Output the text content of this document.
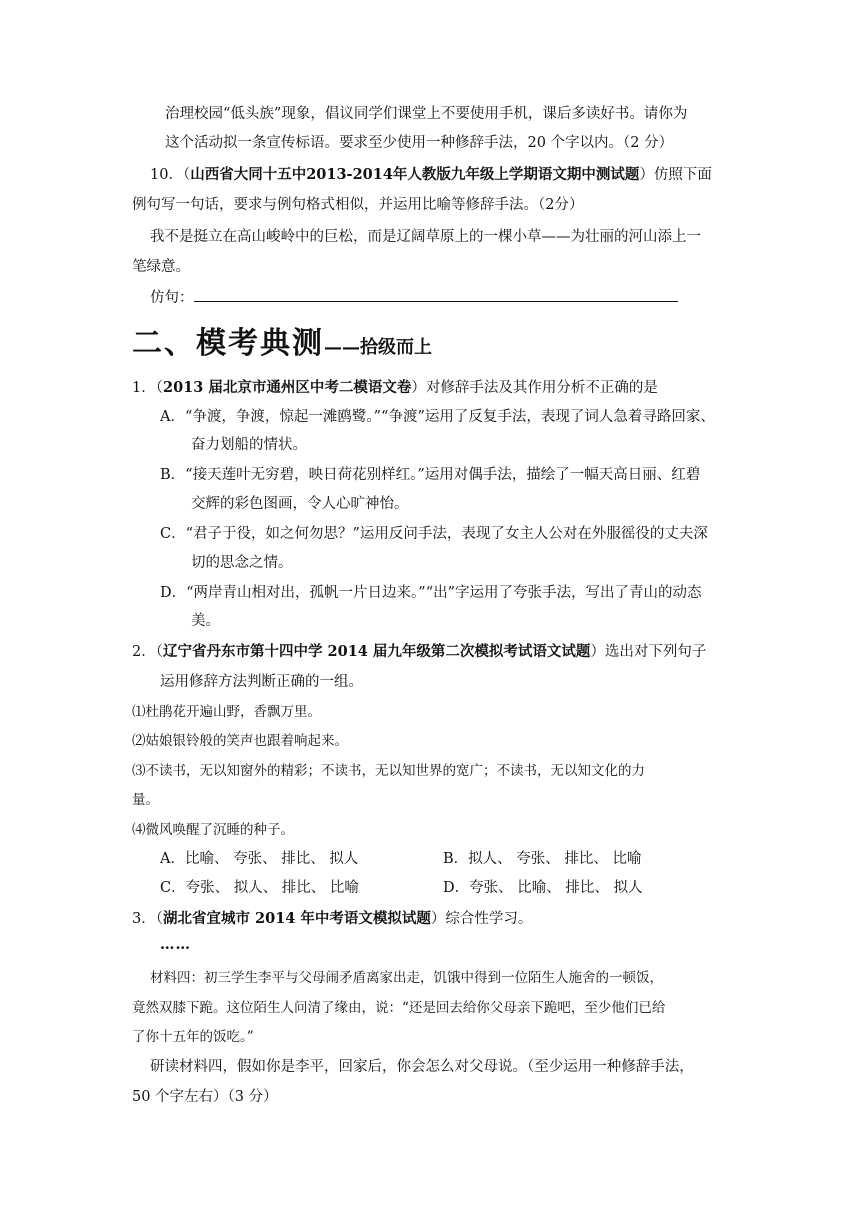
治理校园“低头族”现象，倡议同学们课堂上不要使用手机，课后多读好书。请你为
这个活动拟一条宣传标语。要求至少使用一种修辞手法，20 个字以内。（2 分）
10．（山西省大同十五中2013-2014年人教版九年级上学期语文期中测试题）仿照下面
例句写一句话，要求与例句格式相似，并运用比喻等修辞手法。（2分）
我不是挺立在高山峻岭中的巨松，而是辽阔草原上的一棵小草——为壮丽的河山添上一
笔绿意。
仿句：
二、模考典测——拾级而上
1．（2013 届北京市通州区中考二模语文卷）对修辞手法及其作用分析不正确的是
A．“争渡，争渡，惊起一滩鸥鹭。”“争渡”运用了反复手法，表现了词人急着寻路回家、
奋力划船的情状。
B．“接天莲叶无穷碧，映日荷花别样红。”运用对偶手法，描绘了一幅天高日丽、红碧
交辉的彩色图画，令人心旷神怡。
C．“君子于役，如之何勿思？”运用反问手法，表现了女主人公对在外服徭役的丈夫深
切的思念之情。
D．“两岸青山相对出，孤帆一片日边来。”“出”字运用了夸张手法，写出了青山的动态
美。
2．（辽宁省丹东市第十四中学 2014 届九年级第二次模拟考试语文试题）选出对下列句子
运用修辞方法判断正确的一组。
⑴杜鹃花开遍山野，香飘万里。
⑵姑娘银铃般的笑声也跟着响起来。
⑶不读书，无以知窗外的精彩；不读书，无以知世界的宽广；不读书，无以知文化的力
量。
⑷微风唤醒了沉睡的种子。
A．比喻、 夸张、 排比、 拟人	B．拟人、 夸张、 排比、 比喻
C．夸张、 拟人、 排比、 比喻	D．夸张、 比喻、 排比、 拟人
3．（湖北省宜城市 2014 年中考语文模拟试题）综合性学习。
……
材料四：初三学生李平与父母闹矛盾离家出走，饥饿中得到一位陌生人施舍的一顿饭，
竟然双膝下跪。这位陌生人问清了缘由，说：“还是回去给你父母亲下跪吧，至少他们已给
了你十五年的饭吃。”
研读材料四，假如你是李平，回家后，你会怎么对父母说。（至少运用一种修辞手法，
50 个字左右）（3 分）
